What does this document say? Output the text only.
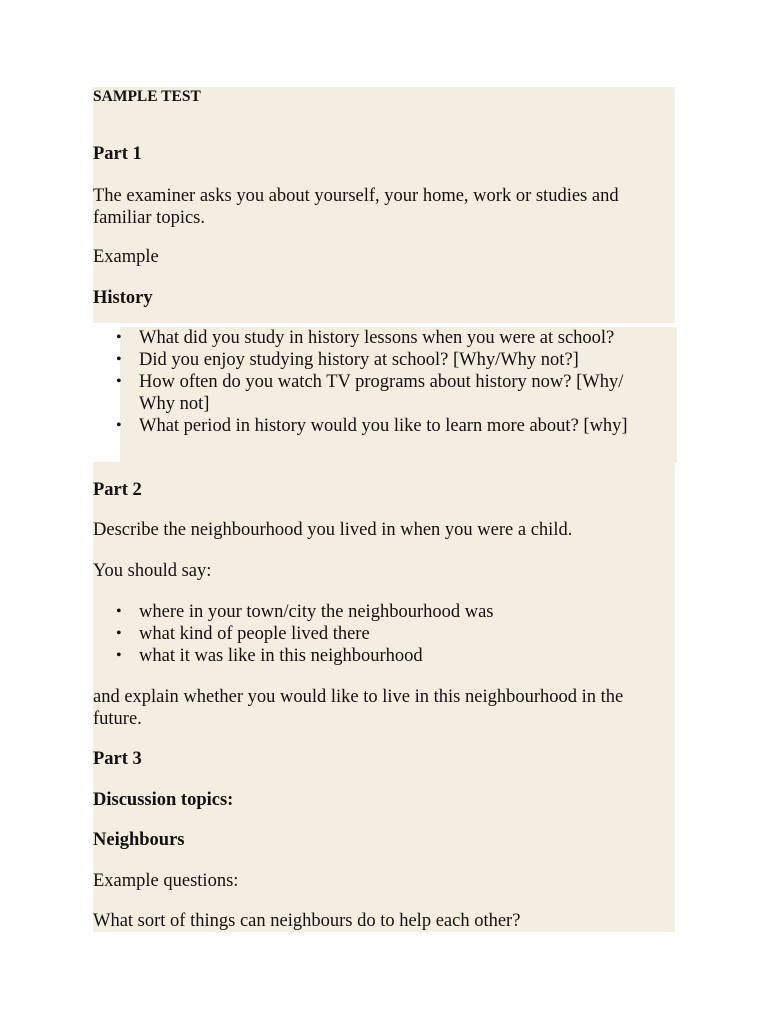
SAMPLE TEST
Part 1
The examiner asks you about yourself, your home, work or studies and familiar topics.
Example
History
• What did you study in history lessons when you were at school?
• Did you enjoy studying history at school? [Why/Why not?]
• How often do you watch TV programs about history now? [Why/ Why not]
• What period in history would you like to learn more about? [why]
Part 2
Describe the neighbourhood you lived in when you were a child.
You should say:
• where in your town/city the neighbourhood was
• what kind of people lived there
• what it was like in this neighbourhood
and explain whether you would like to live in this neighbourhood in the future.
Part 3
Discussion topics:
Neighbours
Example questions:
What sort of things can neighbours do to help each other?
